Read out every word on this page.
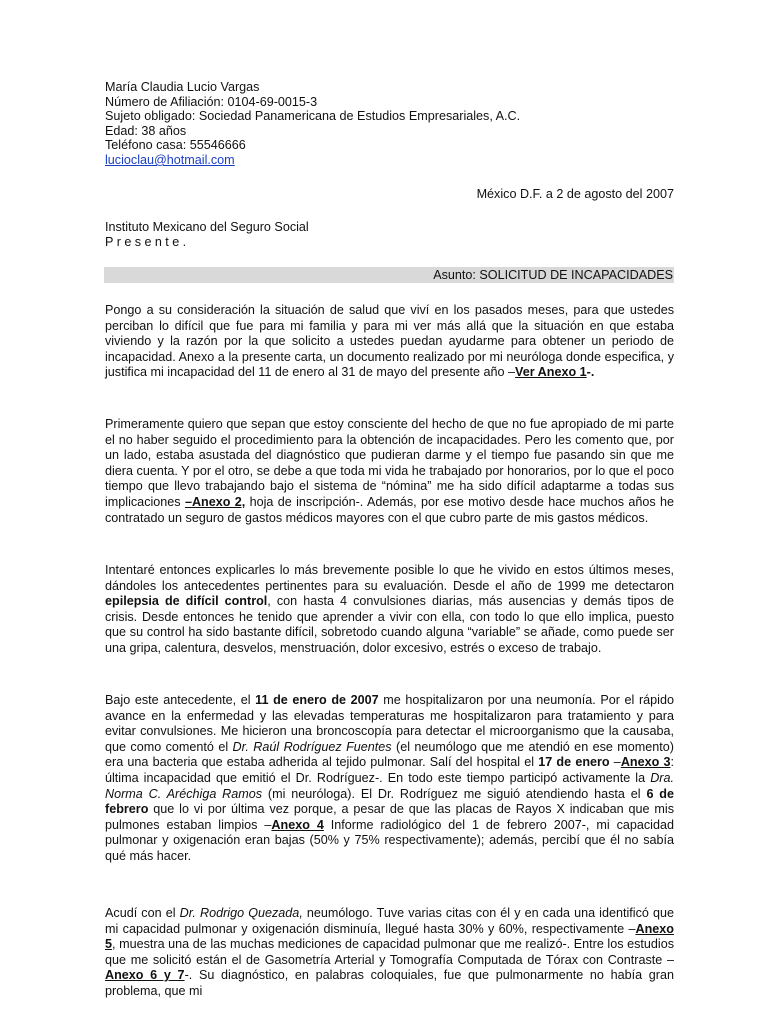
María Claudia Lucio Vargas
Número de Afiliación: 0104-69-0015-3
Sujeto obligado: Sociedad Panamericana de Estudios Empresariales, A.C.
Edad: 38 años
Teléfono casa: 55546666
lucioclau@hotmail.com
México D.F. a 2 de agosto del 2007
Instituto Mexicano del Seguro Social
Presente.
Asunto: SOLICITUD DE INCAPACIDADES

Pongo a su consideración la situación de salud que viví en los pasados meses, para que ustedes perciban lo difícil que fue para mi familia y para mi ver más allá que la situación en que estaba viviendo y la razón por la que solicito a ustedes puedan ayudarme para obtener un periodo de incapacidad. Anexo a la presente carta, un documento realizado por mi neuróloga donde especifica, y justifica mi incapacidad del 11 de enero al 31 de mayo del presente año –Ver Anexo 1-.

Primeramente quiero que sepan que estoy consciente del hecho de que no fue apropiado de mi parte el no haber seguido el procedimiento para la obtención de incapacidades. Pero les comento que, por un lado, estaba asustada del diagnóstico que pudieran darme y el tiempo fue pasando sin que me diera cuenta. Y por el otro, se debe a que toda mi vida he trabajado por honorarios, por lo que el poco tiempo que llevo trabajando bajo el sistema de “nómina” me ha sido difícil adaptarme a todas sus implicaciones –Anexo 2, hoja de inscripción-. Además, por ese motivo desde hace muchos años he contratado un seguro de gastos médicos mayores con el que cubro parte de mis gastos médicos.

Intentaré entonces explicarles lo más brevemente posible lo que he vivido en estos últimos meses, dándoles los antecedentes pertinentes para su evaluación. Desde el año de 1999 me detectaron epilepsia de difícil control, con hasta 4 convulsiones diarias, más ausencias y demás tipos de crisis. Desde entonces he tenido que aprender a vivir con ella, con todo lo que ello implica, puesto que su control ha sido bastante difícil, sobretodo cuando alguna “variable” se añade, como puede ser una gripa, calentura, desvelos, menstruación, dolor excesivo, estrés o exceso de trabajo.

Bajo este antecedente, el 11 de enero de 2007 me hospitalizaron por una neumonía. Por el rápido avance en la enfermedad y las elevadas temperaturas me hospitalizaron para tratamiento y para evitar convulsiones. Me hicieron una broncoscopía para detectar el microorganismo que la causaba, que como comentó el Dr. Raúl Rodríguez Fuentes (el neumólogo que me atendió en ese momento) era una bacteria que estaba adherida al tejido pulmonar. Salí del hospital el 17 de enero –Anexo 3: última incapacidad que emitió el Dr. Rodríguez-. En todo este tiempo participó activamente la Dra. Norma C. Aréchiga Ramos (mi neuróloga). El Dr. Rodríguez me siguió atendiendo hasta el 6 de febrero que lo vi por última vez porque, a pesar de que las placas de Rayos X indicaban que mis pulmones estaban limpios –Anexo 4 Informe radiológico del 1 de febrero 2007-, mi capacidad pulmonar y oxigenación eran bajas (50% y 75% respectivamente); además, percibí que él no sabía qué más hacer.

Acudí con el Dr. Rodrigo Quezada, neumólogo. Tuve varias citas con él y en cada una identificó que mi capacidad pulmonar y oxigenación disminuía, llegué hasta 30% y 60%, respectivamente –Anexo 5, muestra una de las muchas mediciones de capacidad pulmonar que me realizó-. Entre los estudios que me solicitó están el de Gasometría Arterial y Tomografía Computada de Tórax con Contraste –Anexo 6 y 7-. Su diagnóstico, en palabras coloquiales, fue que pulmonarmente no había gran problema, que mi
